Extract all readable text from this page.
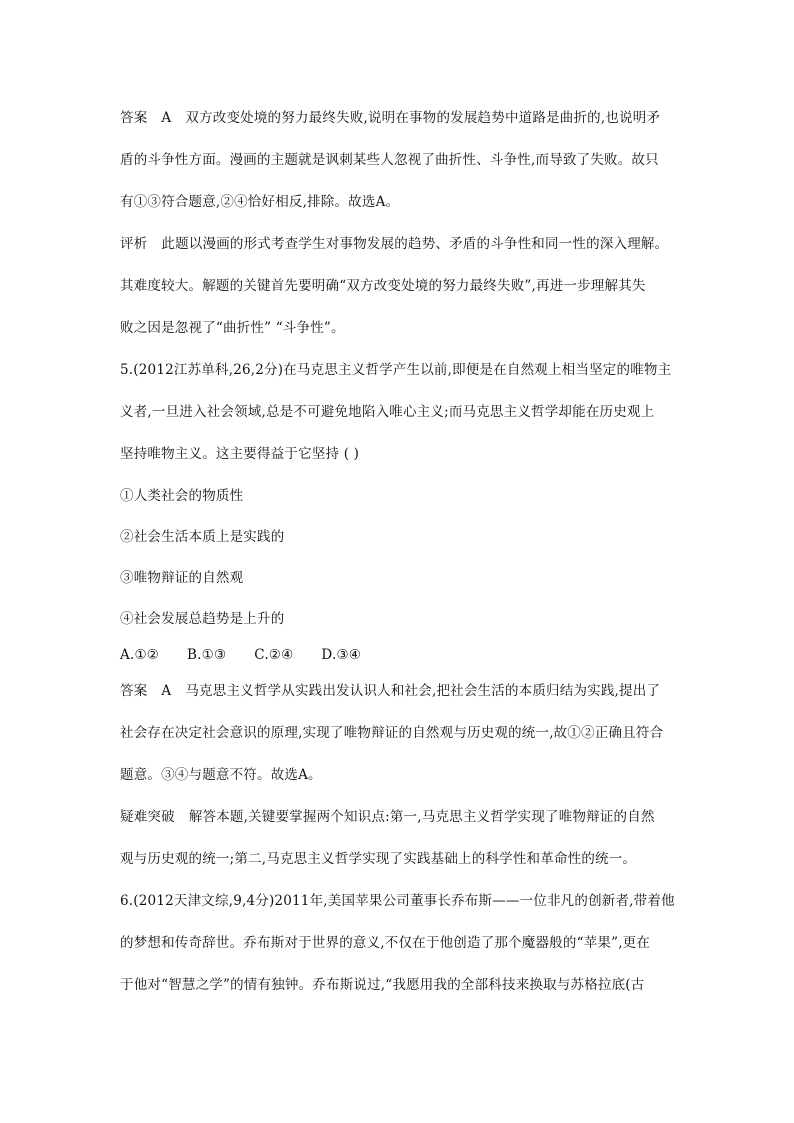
答案 A 双方改变处境的努力最终失败,说明在事物的发展趋势中道路是曲折的,也说明矛
盾的斗争性方面。漫画的主题就是讽刺某些人忽视了曲折性、斗争性,而导致了失败。故只
有①③符合题意,②④恰好相反,排除。故选A。
评析 此题以漫画的形式考查学生对事物发展的趋势、矛盾的斗争性和同一性的深入理解。
其难度较大。解题的关键首先要明确“双方改变处境的努力最终失败”,再进一步理解其失
败之因是忽视了“曲折性” “斗争性”。
5.(2012江苏单科,26,2分)在马克思主义哲学产生以前,即便是在自然观上相当坚定的唯物主
义者,一旦进入社会领域,总是不可避免地陷入唯心主义;而马克思主义哲学却能在历史观上
坚持唯物主义。这主要得益于它坚持 ( )
①人类社会的物质性
②社会生活本质上是实践的
③唯物辩证的自然观
④社会发展总趋势是上升的
A.①② B.①③ C.②④ D.③④
答案 A 马克思主义哲学从实践出发认识人和社会,把社会生活的本质归结为实践,提出了
社会存在决定社会意识的原理,实现了唯物辩证的自然观与历史观的统一,故①②正确且符合
题意。③④与题意不符。故选A。
疑难突破 解答本题,关键要掌握两个知识点:第一,马克思主义哲学实现了唯物辩证的自然
观与历史观的统一;第二,马克思主义哲学实现了实践基础上的科学性和革命性的统一。
6.(2012天津文综,9,4分)2011年,美国苹果公司董事长乔布斯——一位非凡的创新者,带着他
的梦想和传奇辞世。乔布斯对于世界的意义,不仅在于他创造了那个魔器般的“苹果”,更在
于他对“智慧之学”的情有独钟。乔布斯说过,“我愿用我的全部科技来换取与苏格拉底(古
